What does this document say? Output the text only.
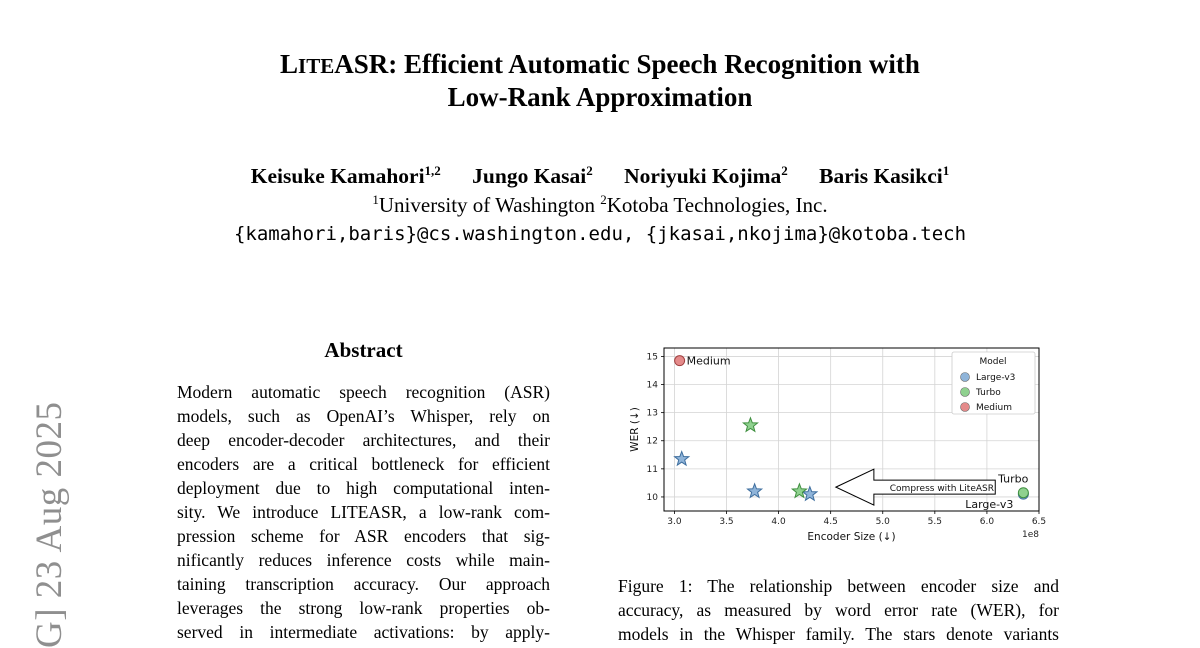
G] 23 Aug 2025
LITEASR: Efficient Automatic Speech Recognition with
Low-Rank Approximation
Keisuke Kamahori$^{1,2}$ Jungo Kasai$^2$ Noriyuki Kojima$^2$ Baris Kasikci$^1$
$^1$University of Washington $^2$Kotoba Technologies, Inc.
{kamahori,baris}@cs.washington.edu, {jkasai,nkojima}@kotoba.tech
Abstract
Modern automatic speech recognition (ASR)
models, such as OpenAI’s Whisper, rely on
deep encoder-decoder architectures, and their
encoders are a critical bottleneck for efficient
deployment due to high computational inten-
sity. We introduce LITEASR, a low-rank com-
pression scheme for ASR encoders that sig-
nificantly reduces inference costs while main-
taining transcription accuracy. Our approach
leverages the strong low-rank properties ob-
served in intermediate activations: by apply-
3.0	3.5	4.0	4.5	5.0	5.5	6.0	6.5
10
11
12
13
14
15
Compress with LiteASR
Medium
Turbo
Large-v3
Model
Large-v3
Turbo
Medium
Encoder Size (↓)	1e8
WER (↓)
Figure 1: The relationship between encoder size and
accuracy, as measured by word error rate (WER), for
models in the Whisper family. The stars denote variants
